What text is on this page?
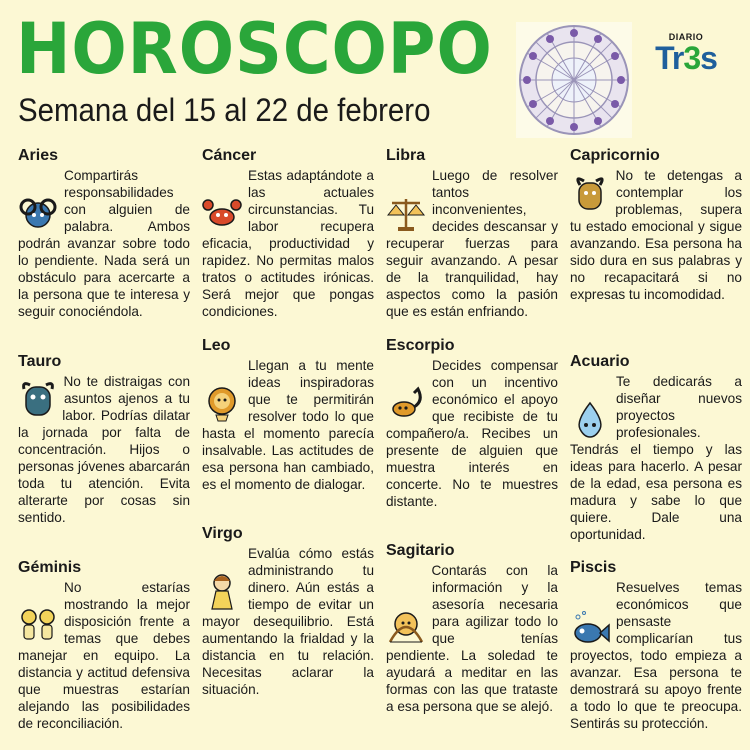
HOROSCOPO
Semana del 15 al 22 de febrero
DIARIO
Tr3s
Aries
Compartirás responsabilidades con alguien de palabra. Ambos podrán avanzar sobre todo lo pendiente. Nada será un obstáculo para acercarte a la persona que te interesa y seguir conociéndola.
Tauro
No te distraigas con asuntos ajenos a tu labor. Podrías dilatar la jornada por falta de concentración. Hijos o personas jóvenes abarcarán toda tu atención. Evita alterarte por cosas sin sentido.
Géminis
No estarías mostrando la mejor disposición frente a temas que debes manejar en equipo. La distancia y actitud defensiva que muestras estarían alejando las posibilidades de reconciliación.
Cáncer
Estas adaptándote a las actuales circunstancias. Tu labor recupera eficacia, productividad y rapidez. No permitas malos tratos o actitudes irónicas. Será mejor que pongas condiciones.
Leo
Llegan a tu mente ideas inspiradoras que te permitirán resolver todo lo que hasta el momento parecía insalvable. Las actitudes de esa persona han cambiado, es el momento de dialogar.
Virgo
Evalúa cómo estás administrando tu dinero. Aún estás a tiempo de evitar un mayor desequilibrio. Está aumentando la frialdad y la distancia en tu relación. Necesitas aclarar la situación.
Libra
Luego de resolver tantos inconvenientes, decides descansar y recuperar fuerzas para seguir avanzando. A pesar de la tranquilidad, hay aspectos como la pasión que es están enfriando.
Escorpio
Decides compensar con un incentivo económico el apoyo que recibiste de tu compañero/a. Recibes un presente de alguien que muestra interés en concerte. No te muestres distante.
Sagitario
Contarás con la información y la asesoría necesaria para agilizar todo lo que tenías pendiente. La soledad te ayudará a meditar en las formas con las que trataste a esa persona que se alejó.
Capricornio
No te detengas a contemplar los problemas, supera tu estado emocional y sigue avanzando. Esa persona ha sido dura en sus palabras y no recapacitará si no expresas tu incomodidad.
Acuario
Te dedicarás a diseñar nuevos proyectos profesionales. Tendrás el tiempo y las ideas para hacerlo. A pesar de la edad, esa persona es madura y sabe lo que quiere. Dale una oportunidad.
Piscis
Resuelves temas económicos que pensaste complicarían tus proyectos, todo empieza a avanzar. Esa persona te demostrará su apoyo frente a todo lo que te preocupa. Sentirás su protección.
